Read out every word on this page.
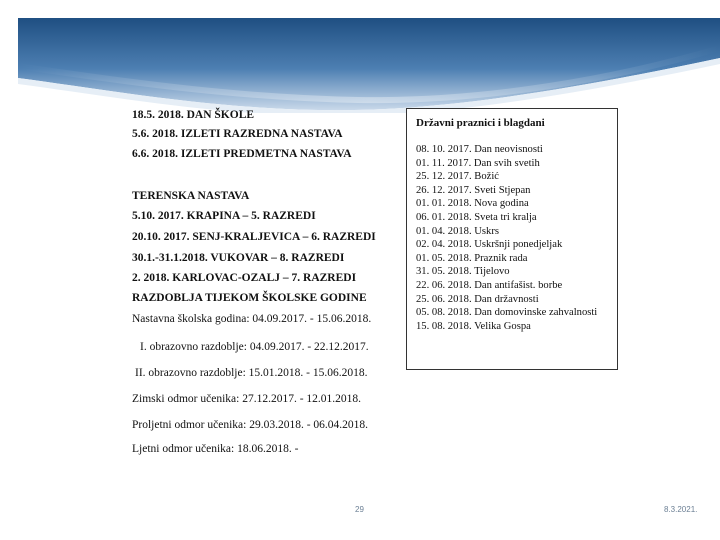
18.5. 2018. DAN ŠKOLE
5.6. 2018. IZLETI RAZREDNA NASTAVA
6.6. 2018. IZLETI PREDMETNA NASTAVA
TERENSKA NASTAVA
5.10. 2017. KRAPINA – 5. RAZREDI
20.10. 2017. SENJ-KRALJEVICA – 6. RAZREDI
30.1.-31.1.2018. VUKOVAR – 8. RAZREDI
2. 2018. KARLOVAC-OZALJ – 7. RAZREDI
RAZDOBLJA TIJEKOM ŠKOLSKE GODINE
Nastavna školska godina: 04.09.2017. - 15.06.2018.
I. obrazovno razdoblje: 04.09.2017. - 22.12.2017.
II. obrazovno razdoblje: 15.01.2018. - 15.06.2018.
Zimski odmor učenika: 27.12.2017. - 12.01.2018.
Proljetni odmor učenika: 29.03.2018. - 06.04.2018.
Ljetni odmor učenika: 18.06.2018. -
Državni praznici i blagdani
08. 10. 2017. Dan neovisnosti
01. 11. 2017. Dan svih svetih
25. 12. 2017. Božić
26. 12. 2017. Sveti Stjepan
01. 01. 2018. Nova godina
06. 01. 2018. Sveta tri kralja
01. 04. 2018. Uskrs
02. 04. 2018. Uskršnji ponedjeljak
01. 05. 2018. Praznik rada
31. 05. 2018. Tijelovo
22. 06. 2018. Dan antifašist. borbe
25. 06. 2018. Dan državnosti
05. 08. 2018. Dan domovinske zahvalnosti
15. 08. 2018. Velika Gospa
29	8.3.2021.
